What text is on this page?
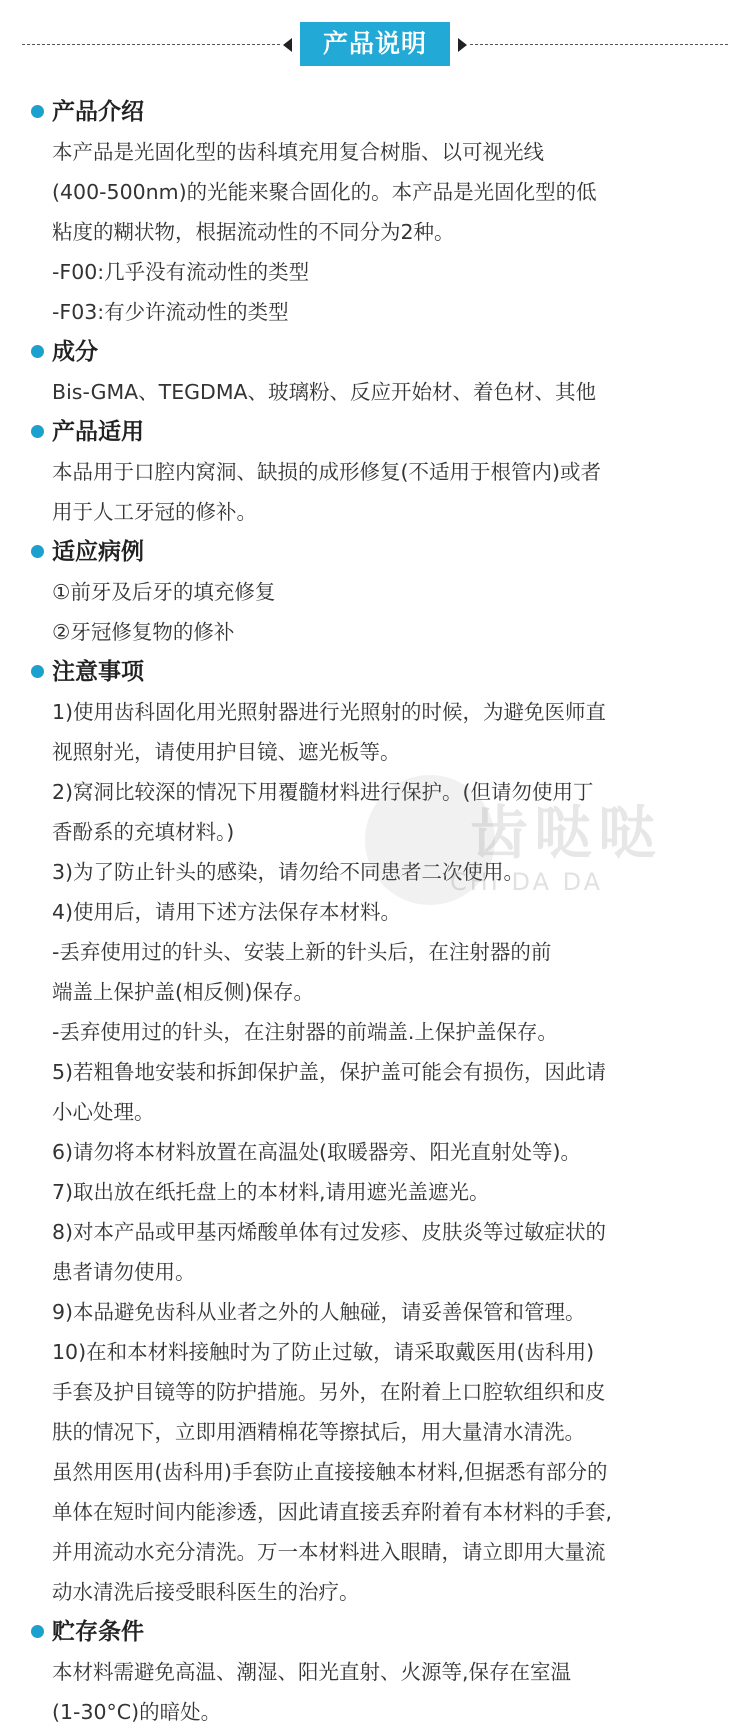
产品说明
产品介绍
本产品是光固化型的齿科填充用复合树脂、以可视光线
(400-500nm)的光能来聚合固化的。本产品是光固化型的低
粘度的糊状物，根据流动性的不同分为2种。
-F00:几乎没有流动性的类型
-F03:有少许流动性的类型
成分
Bis-GMA、TEGDMA、玻璃粉、反应开始材、着色材、其他
产品适用
本品用于口腔内窝洞、缺损的成形修复(不适用于根管内)或者
用于人工牙冠的修补。
适应病例
①前牙及后牙的填充修复
②牙冠修复物的修补
注意事项
1)使用齿科固化用光照射器进行光照射的时候，为避免医师直
视照射光，请使用护目镜、遮光板等。
2)窝洞比较深的情况下用覆髓材料进行保护。(但请勿使用丁
香酚系的充填材料。)
3)为了防止针头的感染，请勿给不同患者二次使用。
4)使用后，请用下述方法保存本材料。
-丢弃使用过的针头、安装上新的针头后，在注射器的前
端盖上保护盖(相反侧)保存。
-丢弃使用过的针头，在注射器的前端盖.上保护盖保存。
5)若粗鲁地安装和拆卸保护盖，保护盖可能会有损伤，因此请
小心处理。
6)请勿将本材料放置在高温处(取暖器旁、阳光直射处等)。
7)取出放在纸托盘上的本材料,请用遮光盖遮光。
8)对本产品或甲基丙烯酸单体有过发疹、皮肤炎等过敏症状的
患者请勿使用。
9)本品避免齿科从业者之外的人触碰，请妥善保管和管理。
10)在和本材料接触时为了防止过敏，请采取戴医用(齿科用)
手套及护目镜等的防护措施。另外，在附着上口腔软组织和皮
肤的情况下，立即用酒精棉花等擦拭后，用大量清水清洗。
虽然用医用(齿科用)手套防止直接接触本材料,但据悉有部分的
单体在短时间内能渗透，因此请直接丢弃附着有本材料的手套,
并用流动水充分清洗。万一本材料进入眼睛，请立即用大量流
动水清洗后接受眼科医生的治疗。
贮存条件
本材料需避免高温、潮湿、阳光直射、火源等,保存在室温
(1-30°C)的暗处。
齿哒哒
CHI DA DA
